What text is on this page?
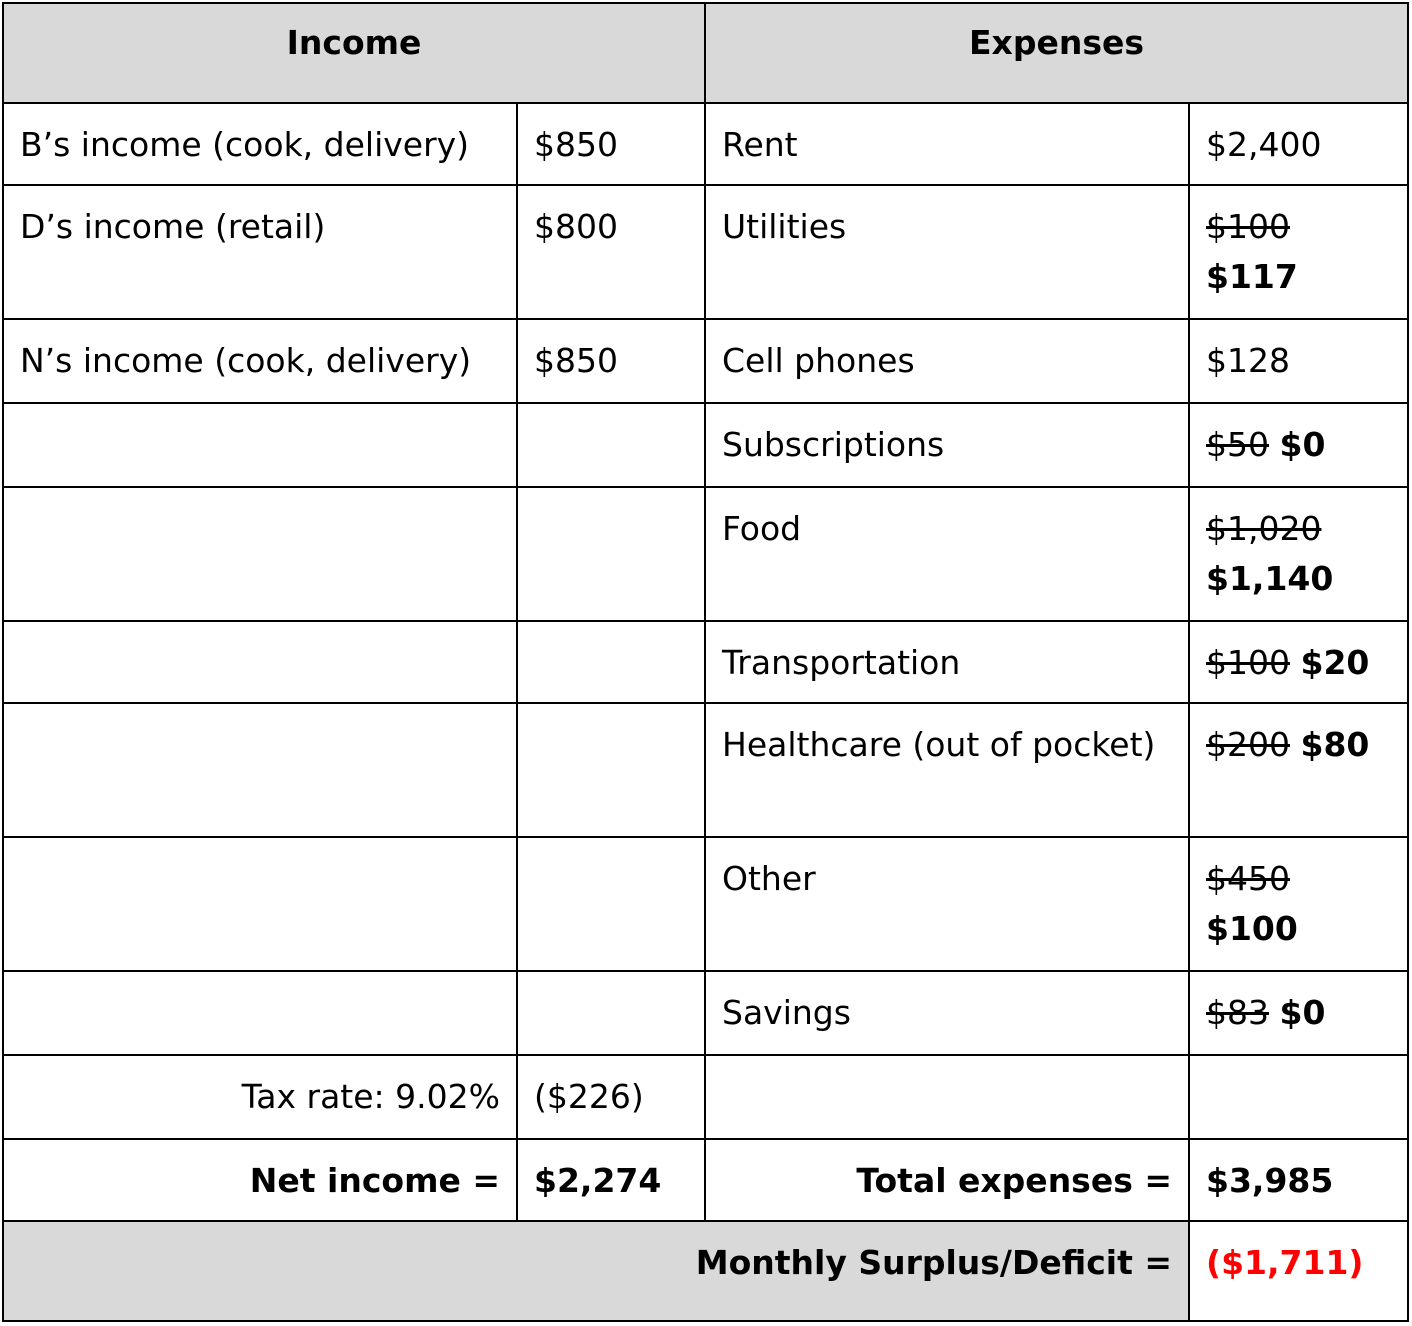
Income		Expenses	
B’s income (cook, delivery)	$850	Rent	$2,400
D’s income (retail)	$800	Utilities	$100 $117
N’s income (cook, delivery)	$850	Cell phones	$128
		Subscriptions	$50 $0
		Food	$1,020 $1,140
		Transportation	$100 $20
		Healthcare (out of pocket)	$200 $80
		Other	$450 $100
		Savings	$83 $0
Tax rate: 9.02%	($226)		
Net income =	$2,274	Total expenses =	$3,985
Monthly Surplus/Deficit =			($1,711)
